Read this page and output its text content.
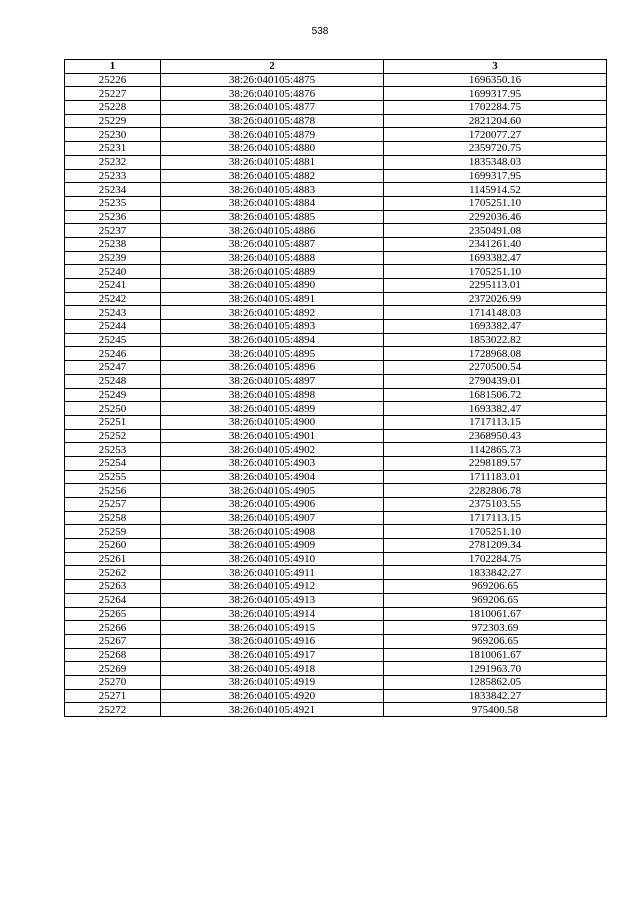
538
1	2	3
25226	38:26:040105:4875	1696350.16
25227	38:26:040105:4876	1699317.95
25228	38:26:040105:4877	1702284.75
25229	38:26:040105:4878	2821204.60
25230	38:26:040105:4879	1720077.27
25231	38:26:040105:4880	2359720.75
25232	38:26:040105:4881	1835348.03
25233	38:26:040105:4882	1699317.95
25234	38:26:040105:4883	1145914.52
25235	38:26:040105:4884	1705251.10
25236	38:26:040105:4885	2292036.46
25237	38:26:040105:4886	2350491.08
25238	38:26:040105:4887	2341261.40
25239	38:26:040105:4888	1693382.47
25240	38:26:040105:4889	1705251.10
25241	38:26:040105:4890	2295113.01
25242	38:26:040105:4891	2372026.99
25243	38:26:040105:4892	1714148.03
25244	38:26:040105:4893	1693382.47
25245	38:26:040105:4894	1853022.82
25246	38:26:040105:4895	1728968.08
25247	38:26:040105:4896	2270500.54
25248	38:26:040105:4897	2790439.01
25249	38:26:040105:4898	1681506.72
25250	38:26:040105:4899	1693382.47
25251	38:26:040105:4900	1717113.15
25252	38:26:040105:4901	2368950.43
25253	38:26:040105:4902	1142865.73
25254	38:26:040105:4903	2298189.57
25255	38:26:040105:4904	1711183.01
25256	38:26:040105:4905	2282806.78
25257	38:26:040105:4906	2375103.55
25258	38:26:040105:4907	1717113.15
25259	38:26:040105:4908	1705251.10
25260	38:26:040105:4909	2781209.34
25261	38:26:040105:4910	1702284.75
25262	38:26:040105:4911	1833842.27
25263	38:26:040105:4912	969206.65
25264	38:26:040105:4913	969206.65
25265	38:26:040105:4914	1810061.67
25266	38:26:040105:4915	972303.69
25267	38:26:040105:4916	969206.65
25268	38:26:040105:4917	1810061.67
25269	38:26:040105:4918	1291963.70
25270	38:26:040105:4919	1285862.05
25271	38:26:040105:4920	1833842.27
25272	38:26:040105:4921	975400.58
